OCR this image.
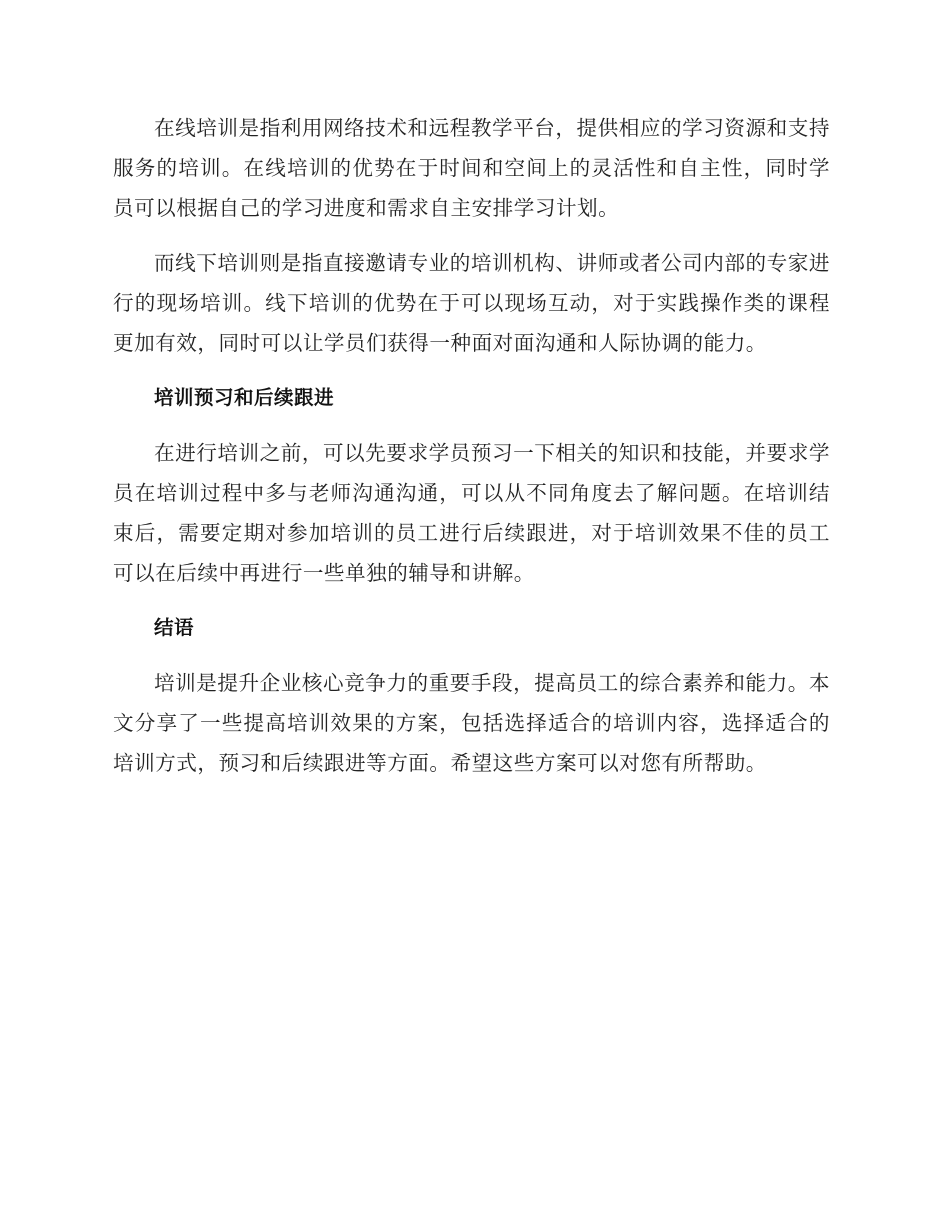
在线培训是指利用网络技术和远程教学平台，提供相应的学习资源和支持服务的培训。在线培训的优势在于时间和空间上的灵活性和自主性，同时学员可以根据自己的学习进度和需求自主安排学习计划。

而线下培训则是指直接邀请专业的培训机构、讲师或者公司内部的专家进行的现场培训。线下培训的优势在于可以现场互动，对于实践操作类的课程更加有效，同时可以让学员们获得一种面对面沟通和人际协调的能力。

培训预习和后续跟进

在进行培训之前，可以先要求学员预习一下相关的知识和技能，并要求学员在培训过程中多与老师沟通沟通，可以从不同角度去了解问题。在培训结束后，需要定期对参加培训的员工进行后续跟进，对于培训效果不佳的员工可以在后续中再进行一些单独的辅导和讲解。

结语

培训是提升企业核心竞争力的重要手段，提高员工的综合素养和能力。本文分享了一些提高培训效果的方案，包括选择适合的培训内容，选择适合的培训方式，预习和后续跟进等方面。希望这些方案可以对您有所帮助。
